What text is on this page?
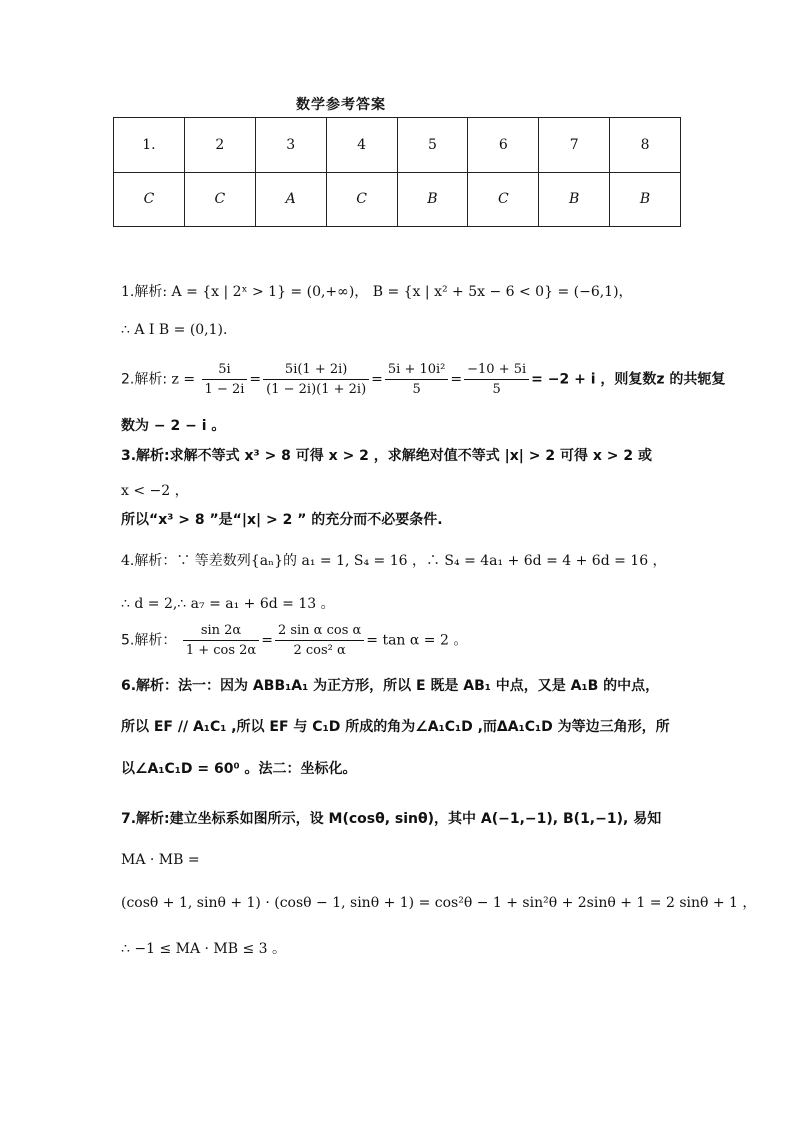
数学参考答案
1.	2	3	4	5	6	7	8
C	C	A	C	B	C	B	B
1.解析: A = {x | 2ˣ > 1} = (0,+∞)， B = {x | x² + 5x − 6 < 0} = (−6,1)，
∴ A I B = (0,1).
2.解析: $z = \frac{5i}{1 - 2i} = \frac{5i(1 + 2i)}{(1 - 2i)(1 + 2i)} = \frac{\text{5i + 10i²}}{5} = \frac{-10 + 5i}{5} = -2 + i$ ，则复数z 的共轭复
数为 − 2 − i 。
3.解析:求解不等式 x³ > 8 可得 x > 2 ，求解绝对值不等式 |x| > 2 可得 x > 2 或
x < −2 ，
所以“x³ > 8 ”是“|x| > 2 ” 的充分而不必要条件.
4.解析：∵ 等差数列{aₙ}的 a₁ = 1, S₄ = 16 ，∴ S₄ = 4a₁ + 6d = 4 + 6d = 16 ，
∴ d = 2,∴ a₇ = a₁ + 6d = 13 。
5.解析： $\frac{\sin 2\alpha}{1 + \cos 2\alpha} = \frac{\text{2 sin α cos α}}{\text{2 cos² α}} = \tan \alpha = 2$ 。
6.解析：法一：因为 ABB₁A₁ 为正方形，所以 E 既是 AB₁ 中点，又是 A₁B 的中点，
所以 EF // A₁C₁ ,所以 EF 与 C₁D 所成的角为∠A₁C₁D ,而ΔA₁C₁D 为等边三角形，所
以∠A₁C₁D = 60⁰ 。法二：坐标化。
7.解析:建立坐标系如图所示，设 M(cosθ, sinθ)，其中 A(−1,−1), B(1,−1), 易知
MA · MB =
(cosθ + 1, sinθ + 1) · (cosθ − 1, sinθ + 1) = cos²θ − 1 + sin²θ + 2sinθ + 1 = 2 sinθ + 1 ，
∴ −1 ≤ MA · MB ≤ 3 。
